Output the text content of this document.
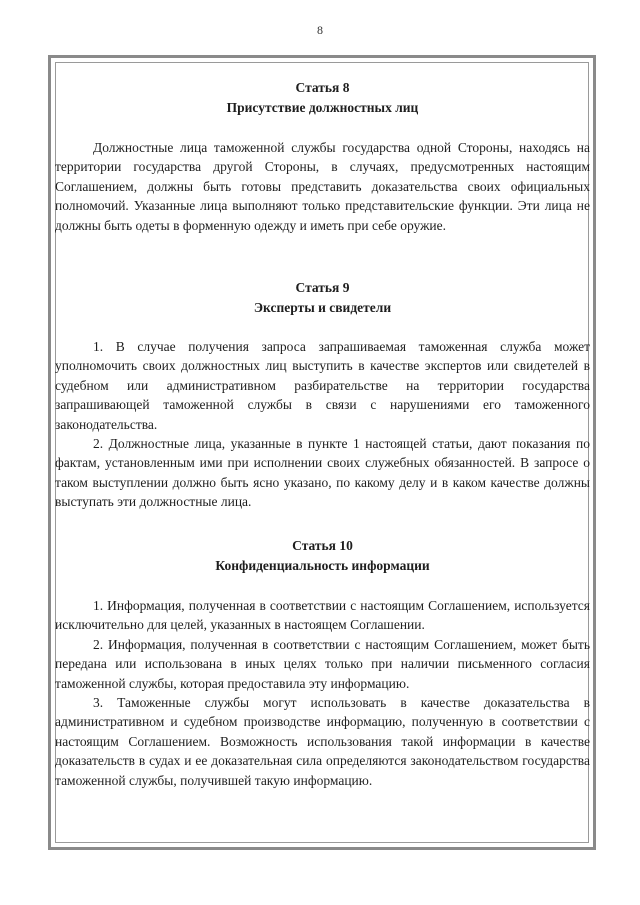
8
Статья 8
Присутствие должностных лиц

Должностные лица таможенной службы государства одной Стороны, находясь на территории государства другой Стороны, в случаях, предусмотренных настоящим Соглашением, должны быть готовы представить доказательства своих официальных полномочий. Указанные лица выполняют только представительские функции. Эти лица не должны быть одеты в форменную одежду и иметь при себе оружие.

Статья 9
Эксперты и свидетели

1. В случае получения запроса запрашиваемая таможенная служба может уполномочить своих должностных лиц выступить в качестве экспертов или свидетелей в судебном или административном разбирательстве на территории государства запрашивающей таможенной службы в связи с нарушениями его таможенного законодательства.

2. Должностные лица, указанные в пункте 1 настоящей статьи, дают показания по фактам, установленным ими при исполнении своих служебных обязанностей. В запросе о таком выступлении должно быть ясно указано, по какому делу и в каком качестве должны выступать эти должностные лица.

Статья 10
Конфиденциальность информации

1. Информация, полученная в соответствии с настоящим Соглашением, используется исключительно для целей, указанных в настоящем Соглашении.

2. Информация, полученная в соответствии с настоящим Соглашением, может быть передана или использована в иных целях только при наличии письменного согласия таможенной службы, которая предоставила эту информацию.

3. Таможенные службы могут использовать в качестве доказательства в административном и судебном производстве информацию, полученную в соответствии с настоящим Соглашением. Возможность использования такой информации в качестве доказательств в судах и ее доказательная сила определяются законодательством государства таможенной службы, получившей такую информацию.
